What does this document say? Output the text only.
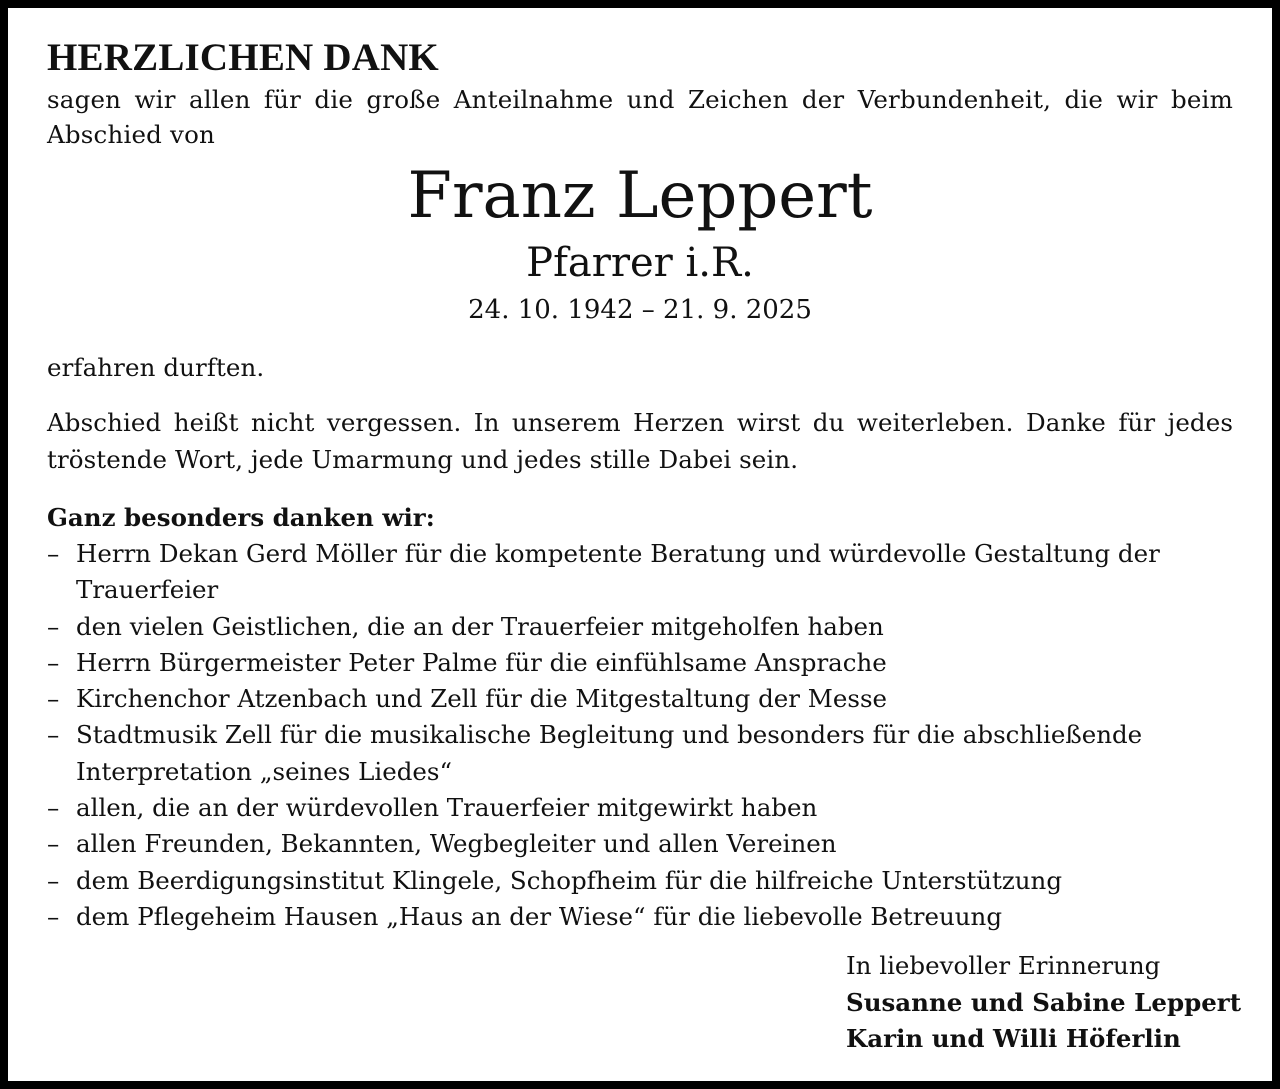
HERZLICHEN DANK

sagen wir allen für die große Anteilnahme und Zeichen der Verbundenheit, die wir beim Abschied von

Franz Leppert
Pfarrer i.R.
24. 10. 1942 – 21. 9. 2025

erfahren durften.

Abschied heißt nicht vergessen. In unserem Herzen wirst du weiterleben. Danke für jedes tröstende Wort, jede Umarmung und jedes stille Dabei sein.

Ganz besonders danken wir:
– Herrn Dekan Gerd Möller für die kompetente Beratung und würdevolle Gestaltung der Trauerfeier
– den vielen Geistlichen, die an der Trauerfeier mitgeholfen haben
– Herrn Bürgermeister Peter Palme für die einfühlsame Ansprache
– Kirchenchor Atzenbach und Zell für die Mitgestaltung der Messe
– Stadtmusik Zell für die musikalische Begleitung und besonders für die abschließende Interpretation „seines Liedes“
– allen, die an der würdevollen Trauerfeier mitgewirkt haben
– allen Freunden, Bekannten, Wegbegleiter und allen Vereinen
– dem Beerdigungsinstitut Klingele, Schopfheim für die hilfreiche Unterstützung
– dem Pflegeheim Hausen „Haus an der Wiese“ für die liebevolle Betreuung
In liebevoller Erinnerung
Susanne und Sabine Leppert
Karin und Willi Höferlin
